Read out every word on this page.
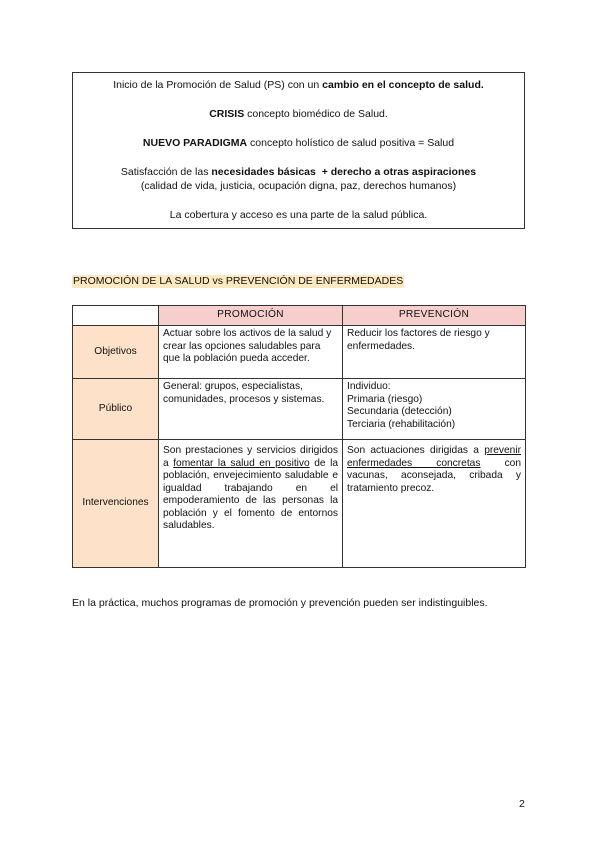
Inicio de la Promoción de Salud (PS) con un cambio en el concepto de salud.

CRISIS concepto biomédico de Salud.

NUEVO PARADIGMA concepto holístico de salud positiva = Salud

Satisfacción de las necesidades básicas  + derecho a otras aspiraciones

(calidad de vida, justicia, ocupación digna, paz, derechos humanos)

La cobertura y acceso es una parte de la salud pública.

PROMOCIÓN DE LA SALUD vs PREVENCIÓN DE ENFERMEDADES
	PROMOCIÓN	PREVENCIÓN
Objetivos	Actuar sobre los activos de la salud y crear las opciones saludables para que la población pueda acceder.	Reducir los factores de riesgo y enfermedades.
Público	General: grupos, especialistas, comunidades, procesos y sistemas.	Individuo:
Primaria (riesgo)
Secundaria (detección)
Terciaria (rehabilitación)

Intervenciones	Son prestaciones y servicios dirigidos a fomentar la salud en positivo de la población, envejecimiento saludable e igualdad trabajando en el empoderamiento de las personas la población y el fomento de entornos saludables.	Son actuaciones dirigidas a prevenir enfermedades concretas con vacunas, aconsejada, cribada y tratamiento precoz.
En la práctica, muchos programas de promoción y prevención pueden ser indistinguibles.
2
